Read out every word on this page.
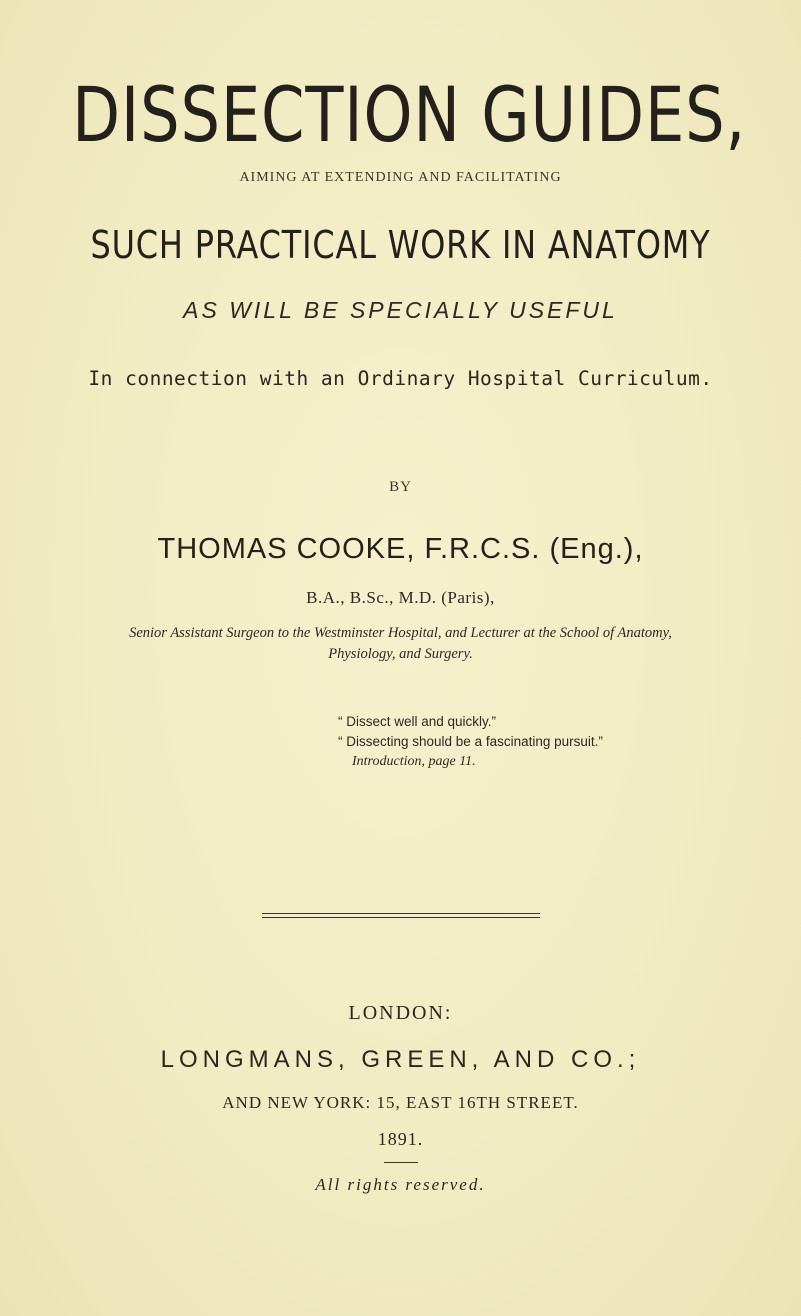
DISSECTION GUIDES,
AIMING AT EXTENDING AND FACILITATING
SUCH PRACTICAL WORK IN ANATOMY
AS WILL BE SPECIALLY USEFUL
In connection with an Ordinary Hospital Curriculum.
BY
THOMAS COOKE, F.R.C.S. (Eng.),
B.A., B.Sc., M.D. (Paris),
Senior Assistant Surgeon to the Westminster Hospital, and Lecturer at the School of Anatomy,
Physiology, and Surgery.
“ Dissect well and quickly.”
“ Dissecting should be a fascinating pursuit.”
Introduction, page 11.
LONDON:
LONGMANS, GREEN, AND CO.;
AND NEW YORK: 15, EAST 16TH STREET.
1891.
All rights reserved.
